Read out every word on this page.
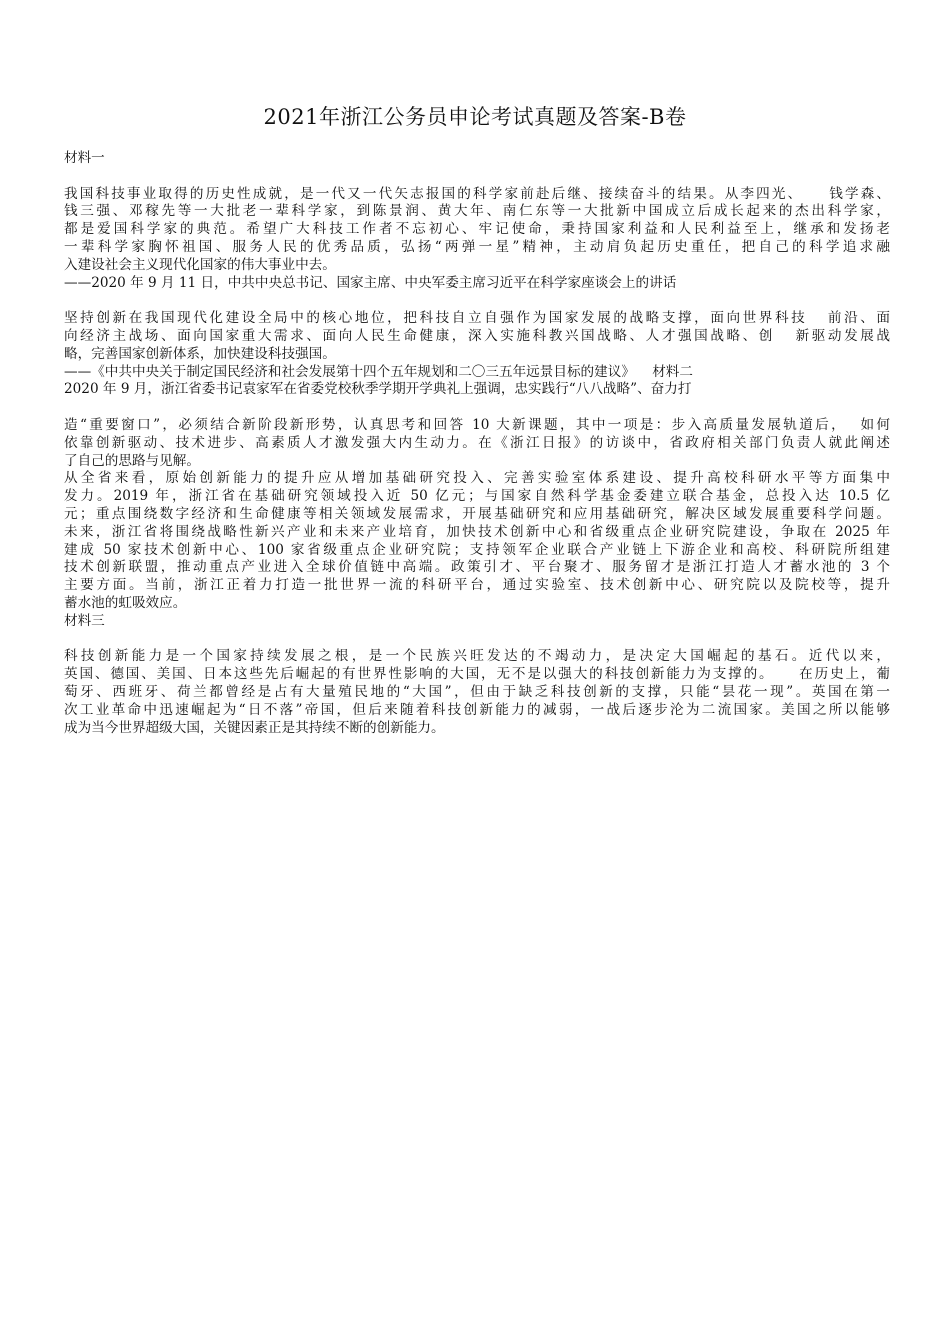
2021年浙江公务员申论考试真题及答案-B卷
材料一
我国科技事业取得的历史性成就，是一代又一代矢志报国的科学家前赴后继、接续奋斗的结果。从李四光、    钱学森、
钱三强、邓稼先等一大批老一辈科学家，到陈景润、黄大年、南仁东等一大批新中国成立后成长起来的杰出科学家，
都是爱国科学家的典范。希望广大科技工作者不忘初心、牢记使命，秉持国家利益和人民利益至上，继承和发扬老
一辈科学家胸怀祖国、服务人民的优秀品质，弘扬“两弹一星”精神，主动肩负起历史重任，把自己的科学追求融
入建设社会主义现代化国家的伟大事业中去。
——2020 年 9 月 11 日，中共中央总书记、国家主席、中央军委主席习近平在科学家座谈会上的讲话
坚持创新在我国现代化建设全局中的核心地位，把科技自立自强作为国家发展的战略支撑，面向世界科技   前沿、面
向经济主战场、面向国家重大需求、面向人民生命健康，深入实施科教兴国战略、人才强国战略、创   新驱动发展战
略，完善国家创新体系，加快建设科技强国。
——《中共中央关于制定国民经济和社会发展第十四个五年规划和二〇三五年远景目标的建议》    材料二
2020 年 9 月，浙江省委书记袁家军在省委党校秋季学期开学典礼上强调，忠实践行“八八战略”、奋力打
造“重要窗口”，必须结合新阶段新形势，认真思考和回答 10 大新课题，其中一项是：步入高质量发展轨道后，  如何
依靠创新驱动、技术进步、高素质人才激发强大内生动力。在《浙江日报》的访谈中，省政府相关部门负责人就此阐述
了自己的思路与见解。
从全省来看，原始创新能力的提升应从增加基础研究投入、完善实验室体系建设、提升高校科研水平等方面集中
发力。2019 年，浙江省在基础研究领域投入近 50 亿元；与国家自然科学基金委建立联合基金，总投入达 10.5 亿
元；重点围绕数字经济和生命健康等相关领域发展需求，开展基础研究和应用基础研究，解决区域发展重要科学问题。
未来，浙江省将围绕战略性新兴产业和未来产业培育，加快技术创新中心和省级重点企业研究院建设，争取在 2025 年
建成 50 家技术创新中心、100 家省级重点企业研究院；支持领军企业联合产业链上下游企业和高校、科研院所组建
技术创新联盟，推动重点产业进入全球价值链中高端。政策引才、平台聚才、服务留才是浙江打造人才蓄水池的 3 个
主要方面。当前，浙江正着力打造一批世界一流的科研平台，通过实验室、技术创新中心、研究院以及院校等，提升
蓄水池的虹吸效应。
材料三
科技创新能力是一个国家持续发展之根，是一个民族兴旺发达的不竭动力，是决定大国崛起的基石。近代以来，
英国、德国、美国、日本这些先后崛起的有世界性影响的大国，无不是以强大的科技创新能力为支撑的。    在历史上，葡
萄牙、西班牙、荷兰都曾经是占有大量殖民地的“大国”，但由于缺乏科技创新的支撑，只能“昙花一现”。英国在第一
次工业革命中迅速崛起为“日不落”帝国，但后来随着科技创新能力的减弱，一战后逐步沦为二流国家。美国之所以能够
成为当今世界超级大国，关键因素正是其持续不断的创新能力。
